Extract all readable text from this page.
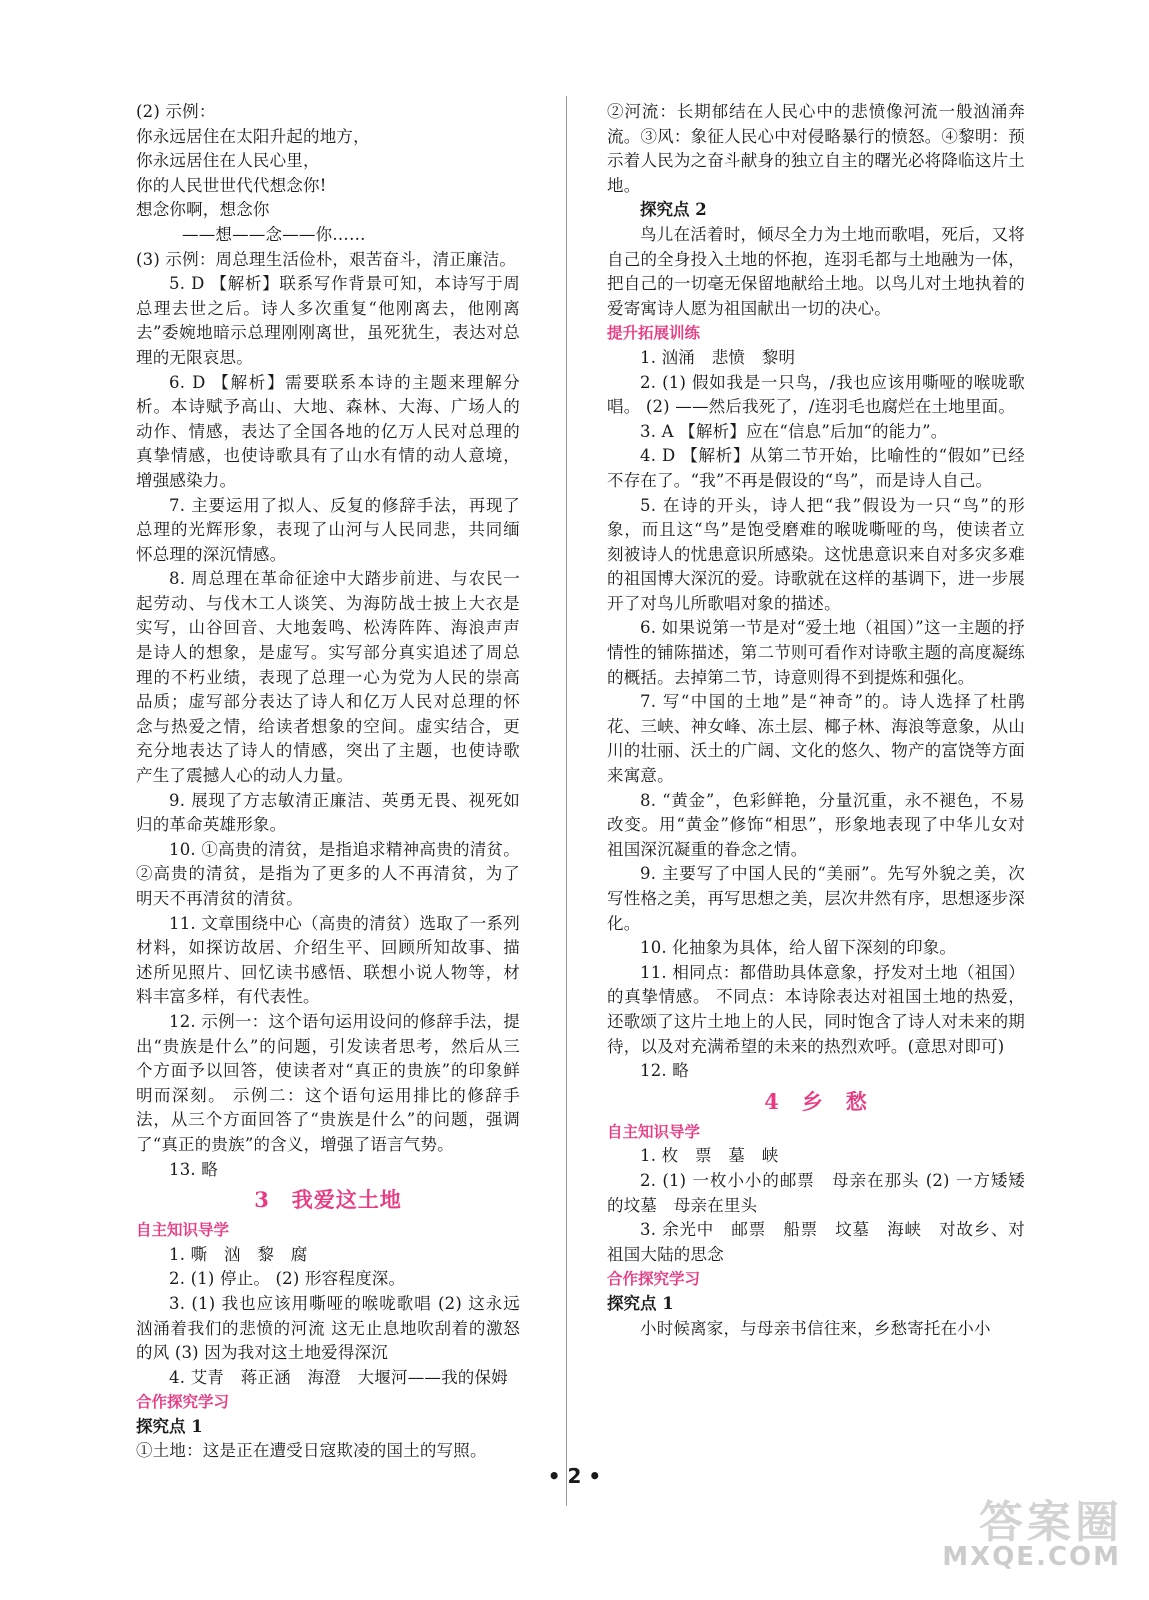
(2) 示例：
你永远居住在太阳升起的地方，
你永远居住在人民心里，
你的人民世世代代想念你!
想念你啊，想念你
——想——念——你……
(3) 示例：周总理生活俭朴，艰苦奋斗，清正廉洁。
5. D 【解析】联系写作背景可知，本诗写于周总理去世之后。诗人多次重复“他刚离去，他刚离去”委婉地暗示总理刚刚离世，虽死犹生，表达对总理的无限哀思。
6. D 【解析】需要联系本诗的主题来理解分析。本诗赋予高山、大地、森林、大海、广场人的动作、情感，表达了全国各地的亿万人民对总理的真挚情感，也使诗歌具有了山水有情的动人意境，增强感染力。
7. 主要运用了拟人、反复的修辞手法，再现了总理的光辉形象，表现了山河与人民同悲，共同缅怀总理的深沉情感。
8. 周总理在革命征途中大踏步前进、与农民一起劳动、与伐木工人谈笑、为海防战士披上大衣是实写，山谷回音、大地轰鸣、松涛阵阵、海浪声声是诗人的想象，是虚写。实写部分真实追述了周总理的不朽业绩，表现了总理一心为党为人民的崇高品质；虚写部分表达了诗人和亿万人民对总理的怀念与热爱之情，给读者想象的空间。虚实结合，更充分地表达了诗人的情感，突出了主题，也使诗歌产生了震撼人心的动人力量。
9. 展现了方志敏清正廉洁、英勇无畏、视死如归的革命英雄形象。
10. ①高贵的清贫，是指追求精神高贵的清贫。②高贵的清贫，是指为了更多的人不再清贫，为了明天不再清贫的清贫。
11. 文章围绕中心（高贵的清贫）选取了一系列材料，如探访故居、介绍生平、回顾所知故事、描述所见照片、回忆读书感悟、联想小说人物等，材料丰富多样，有代表性。
12. 示例一：这个语句运用设问的修辞手法，提出“贵族是什么”的问题，引发读者思考，然后从三个方面予以回答，使读者对“真正的贵族”的印象鲜明而深刻。 示例二：这个语句运用排比的修辞手法，从三个方面回答了“贵族是什么”的问题，强调了“真正的贵族”的含义，增强了语言气势。
13. 略
3　我爱这土地
自主知识导学
1. 嘶　汹　黎　腐
2. (1) 停止。 (2) 形容程度深。
3. (1) 我也应该用嘶哑的喉咙歌唱 (2) 这永远汹涌着我们的悲愤的河流 这无止息地吹刮着的激怒的风 (3) 因为我对这土地爱得深沉
4. 艾青　蒋正涵　海澄　大堰河——我的保姆
合作探究学习
探究点 1
①土地：这是正在遭受日寇欺凌的国土的写照。
②河流：长期郁结在人民心中的悲愤像河流一般汹涌奔流。③风：象征人民心中对侵略暴行的愤怒。④黎明：预示着人民为之奋斗献身的独立自主的曙光必将降临这片土地。
探究点 2
鸟儿在活着时，倾尽全力为土地而歌唱，死后，又将自己的全身投入土地的怀抱，连羽毛都与土地融为一体，把自己的一切毫无保留地献给土地。以鸟儿对土地执着的爱寄寓诗人愿为祖国献出一切的决心。
提升拓展训练
1. 汹涌　悲愤　黎明
2. (1) 假如我是一只鸟，/我也应该用嘶哑的喉咙歌唱。 (2) ——然后我死了，/连羽毛也腐烂在土地里面。
3. A 【解析】应在“信息”后加“的能力”。
4. D 【解析】从第二节开始，比喻性的“假如”已经不存在了。“我”不再是假设的“鸟”，而是诗人自己。
5. 在诗的开头，诗人把“我”假设为一只“鸟”的形象，而且这“鸟”是饱受磨难的喉咙嘶哑的鸟，使读者立刻被诗人的忧患意识所感染。这忧患意识来自对多灾多难的祖国博大深沉的爱。诗歌就在这样的基调下，进一步展开了对鸟儿所歌唱对象的描述。
6. 如果说第一节是对“爱土地（祖国）”这一主题的抒情性的铺陈描述，第二节则可看作对诗歌主题的高度凝练的概括。去掉第二节，诗意则得不到提炼和强化。
7. 写“中国的土地”是“神奇”的。诗人选择了杜鹃花、三峡、神女峰、冻土层、椰子林、海浪等意象，从山川的壮丽、沃土的广阔、文化的悠久、物产的富饶等方面来寓意。
8. “黄金”，色彩鲜艳，分量沉重，永不褪色，不易改变。用“黄金”修饰“相思”，形象地表现了中华儿女对祖国深沉凝重的眷念之情。
9. 主要写了中国人民的“美丽”。先写外貌之美，次写性格之美，再写思想之美，层次井然有序，思想逐步深化。
10. 化抽象为具体，给人留下深刻的印象。
11. 相同点：都借助具体意象，抒发对土地（祖国）的真挚情感。 不同点：本诗除表达对祖国土地的热爱，还歌颂了这片土地上的人民，同时饱含了诗人对未来的期待，以及对充满希望的未来的热烈欢呼。(意思对即可)
12. 略
4　乡　愁
自主知识导学
1. 枚　票　墓　峡
2. (1) 一枚小小的邮票　母亲在那头 (2) 一方矮矮的坟墓　母亲在里头
3. 余光中　邮票　船票　坟墓　海峡　对故乡、对祖国大陆的思念
合作探究学习
探究点 1
小时候离家，与母亲书信往来，乡愁寄托在小小
• 2 •
答案圈
MXQE.COM
